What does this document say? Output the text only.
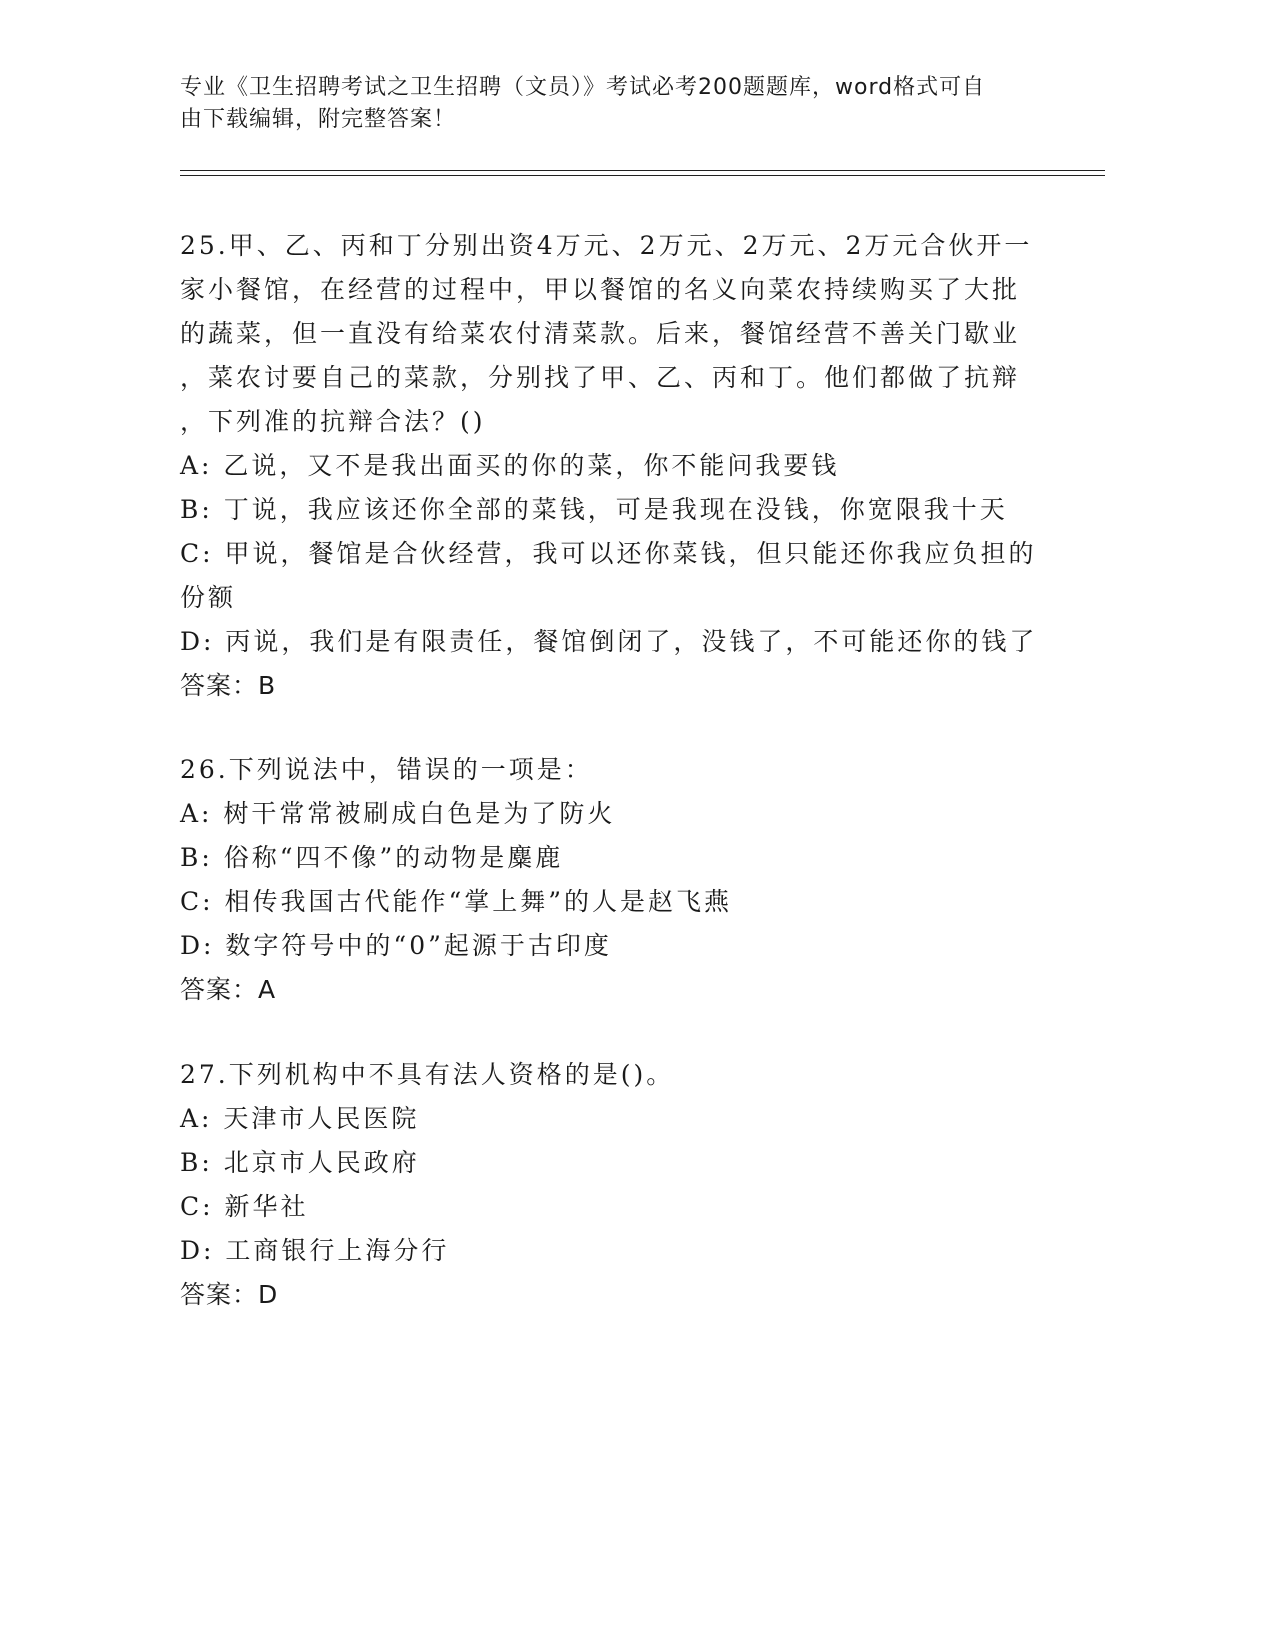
专业《卫生招聘考试之卫生招聘（文员）》考试必考200题题库，word格式可自
由下载编辑，附完整答案！
25.甲、乙、丙和丁分别出资4万元、2万元、2万元、2万元合伙开一
家小餐馆，在经营的过程中，甲以餐馆的名义向菜农持续购买了大批
的蔬菜，但一直没有给菜农付清菜款。后来，餐馆经营不善关门歇业
，菜农讨要自己的菜款，分别找了甲、乙、丙和丁。他们都做了抗辩
，下列准的抗辩合法？()
A: 乙说，又不是我出面买的你的菜，你不能问我要钱
B: 丁说，我应该还你全部的菜钱，可是我现在没钱，你宽限我十天
C: 甲说，餐馆是合伙经营，我可以还你菜钱，但只能还你我应负担的
份额
D: 丙说，我们是有限责任，餐馆倒闭了，没钱了，不可能还你的钱了
答案：B
26.下列说法中，错误的一项是：
A: 树干常常被刷成白色是为了防火
B: 俗称“四不像”的动物是麋鹿
C: 相传我国古代能作“掌上舞”的人是赵飞燕
D: 数字符号中的“0”起源于古印度
答案：A
27.下列机构中不具有法人资格的是()。
A: 天津市人民医院
B: 北京市人民政府
C: 新华社
D: 工商银行上海分行
答案：D
